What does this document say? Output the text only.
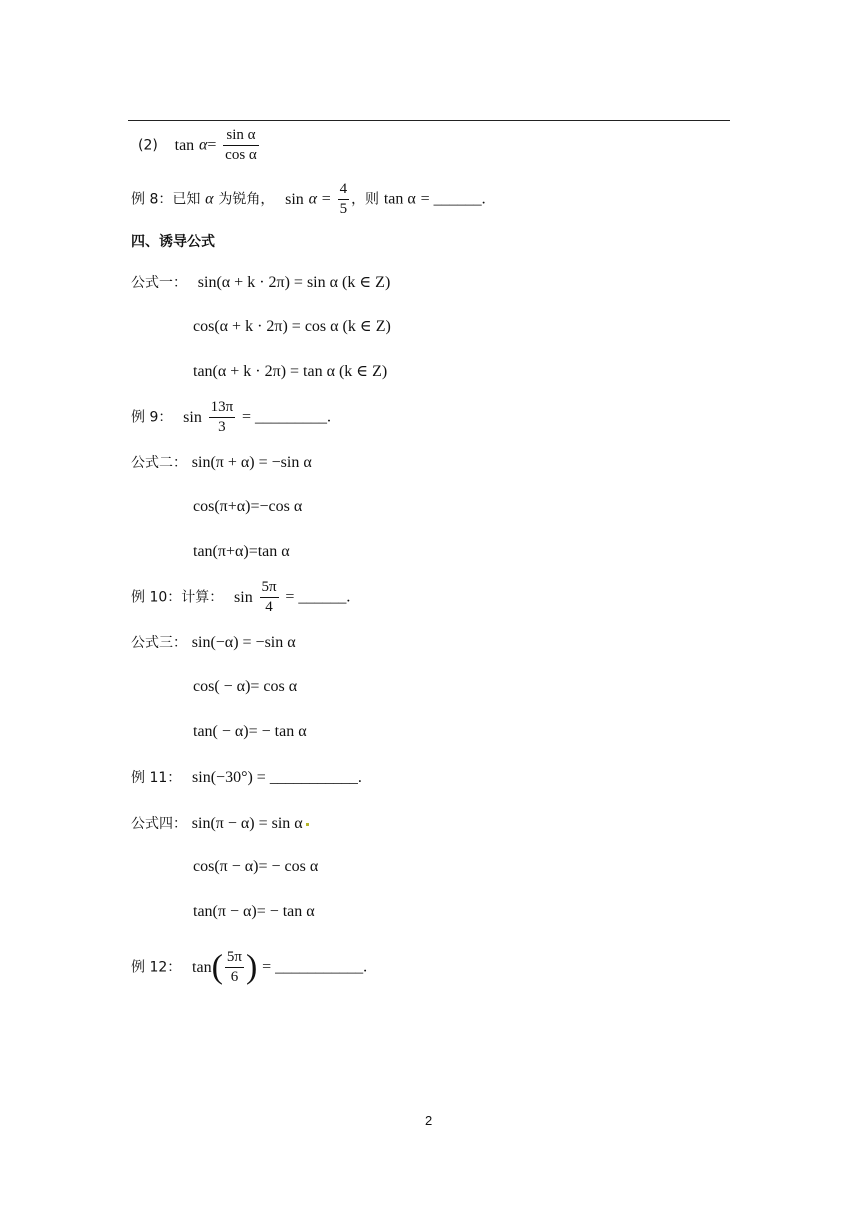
(2) $\tan \alpha= \frac{\text{sin α}}{\text{cos α}}$
例 8：已知 α 为锐角， $\sin \alpha = \frac{4}{5}$ ，则 tan α = ______.
四、诱导公式
公式一： sin(α + k · 2π) = sin α (k ∈ Z)
cos(α + k · 2π) = cos α (k ∈ Z)
tan(α + k · 2π) = tan α (k ∈ Z)
例 9： $\sin \frac{13\pi}{3}$ = _________.
公式二： sin(π + α) = −sin α
cos(π+α)=−cos α
tan(π+α)=tan α
例 10：计算： $\sin \frac{5\pi}{4}$ = ______.
公式三： sin(−α) = −sin α
cos( − α)= cos α
tan( − α)= − tan α
例 11： sin(−30°) = ___________.
公式四： sin(π − α) = sin α
cos(π − α)= − cos α
tan(π − α)= − tan α
例 12： $\tan( \frac{5\pi}{6}$ ) = ___________.
2
